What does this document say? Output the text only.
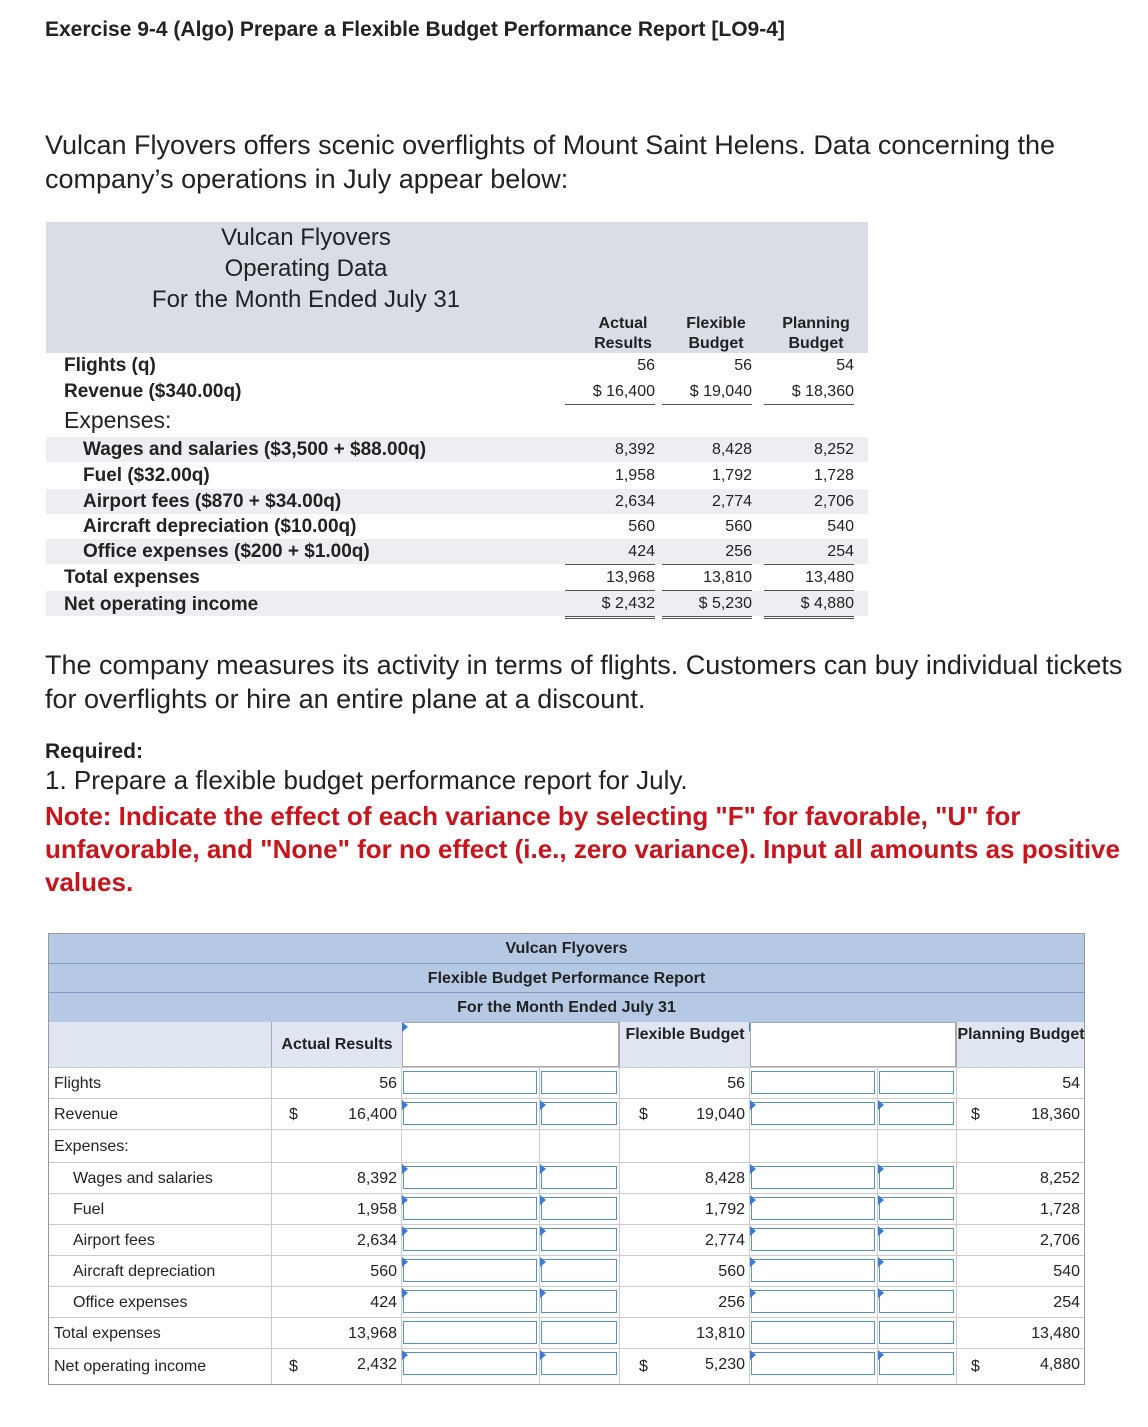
Exercise 9-4 (Algo) Prepare a Flexible Budget Performance Report [LO9-4]
Vulcan Flyovers offers scenic overflights of Mount Saint Helens. Data concerning the company’s operations in July appear below:
Vulcan Flyovers
Operating Data
For the Month Ended July 31
Actual Results
Flexible Budget
Planning Budget
Flights (q)	56	56	54
Revenue ($340.00q)	$ 16,400	$ 19,040	$ 18,360
Expenses:
Wages and salaries ($3,500 + $88.00q)	8,392	8,428	8,252
Fuel ($32.00q)	1,958	1,792	1,728
Airport fees ($870 + $34.00q)	2,634	2,774	2,706
Aircraft depreciation ($10.00q)	560	560	540
Office expenses ($200 + $1.00q)	424	256	254
Total expenses	13,968	13,810	13,480
Net operating income	$ 2,432	$ 5,230	$ 4,880
The company measures its activity in terms of flights. Customers can buy individual tickets for overflights or hire an entire plane at a discount.
Required:
1. Prepare a flexible budget performance report for July.
Note: Indicate the effect of each variance by selecting "F" for favorable, "U" for unfavorable, and "None" for no effect (i.e., zero variance). Input all amounts as positive values.
Vulcan Flyovers
Flexible Budget Performance Report
For the Month Ended July 31
Actual Results
Flexible Budget	Planning Budget
Flights	56	56	54
Revenue	$	16,400	$	19,040	$	18,360
Expenses:
Wages and salaries	8,392	8,428	8,252
Fuel	1,958	1,792	1,728
Airport fees	2,634	2,774	2,706
Aircraft depreciation	560	560	540
Office expenses	424	256	254
Total expenses	13,968	13,810	13,480
Net operating income	$	2,432	$	5,230	$	4,880
